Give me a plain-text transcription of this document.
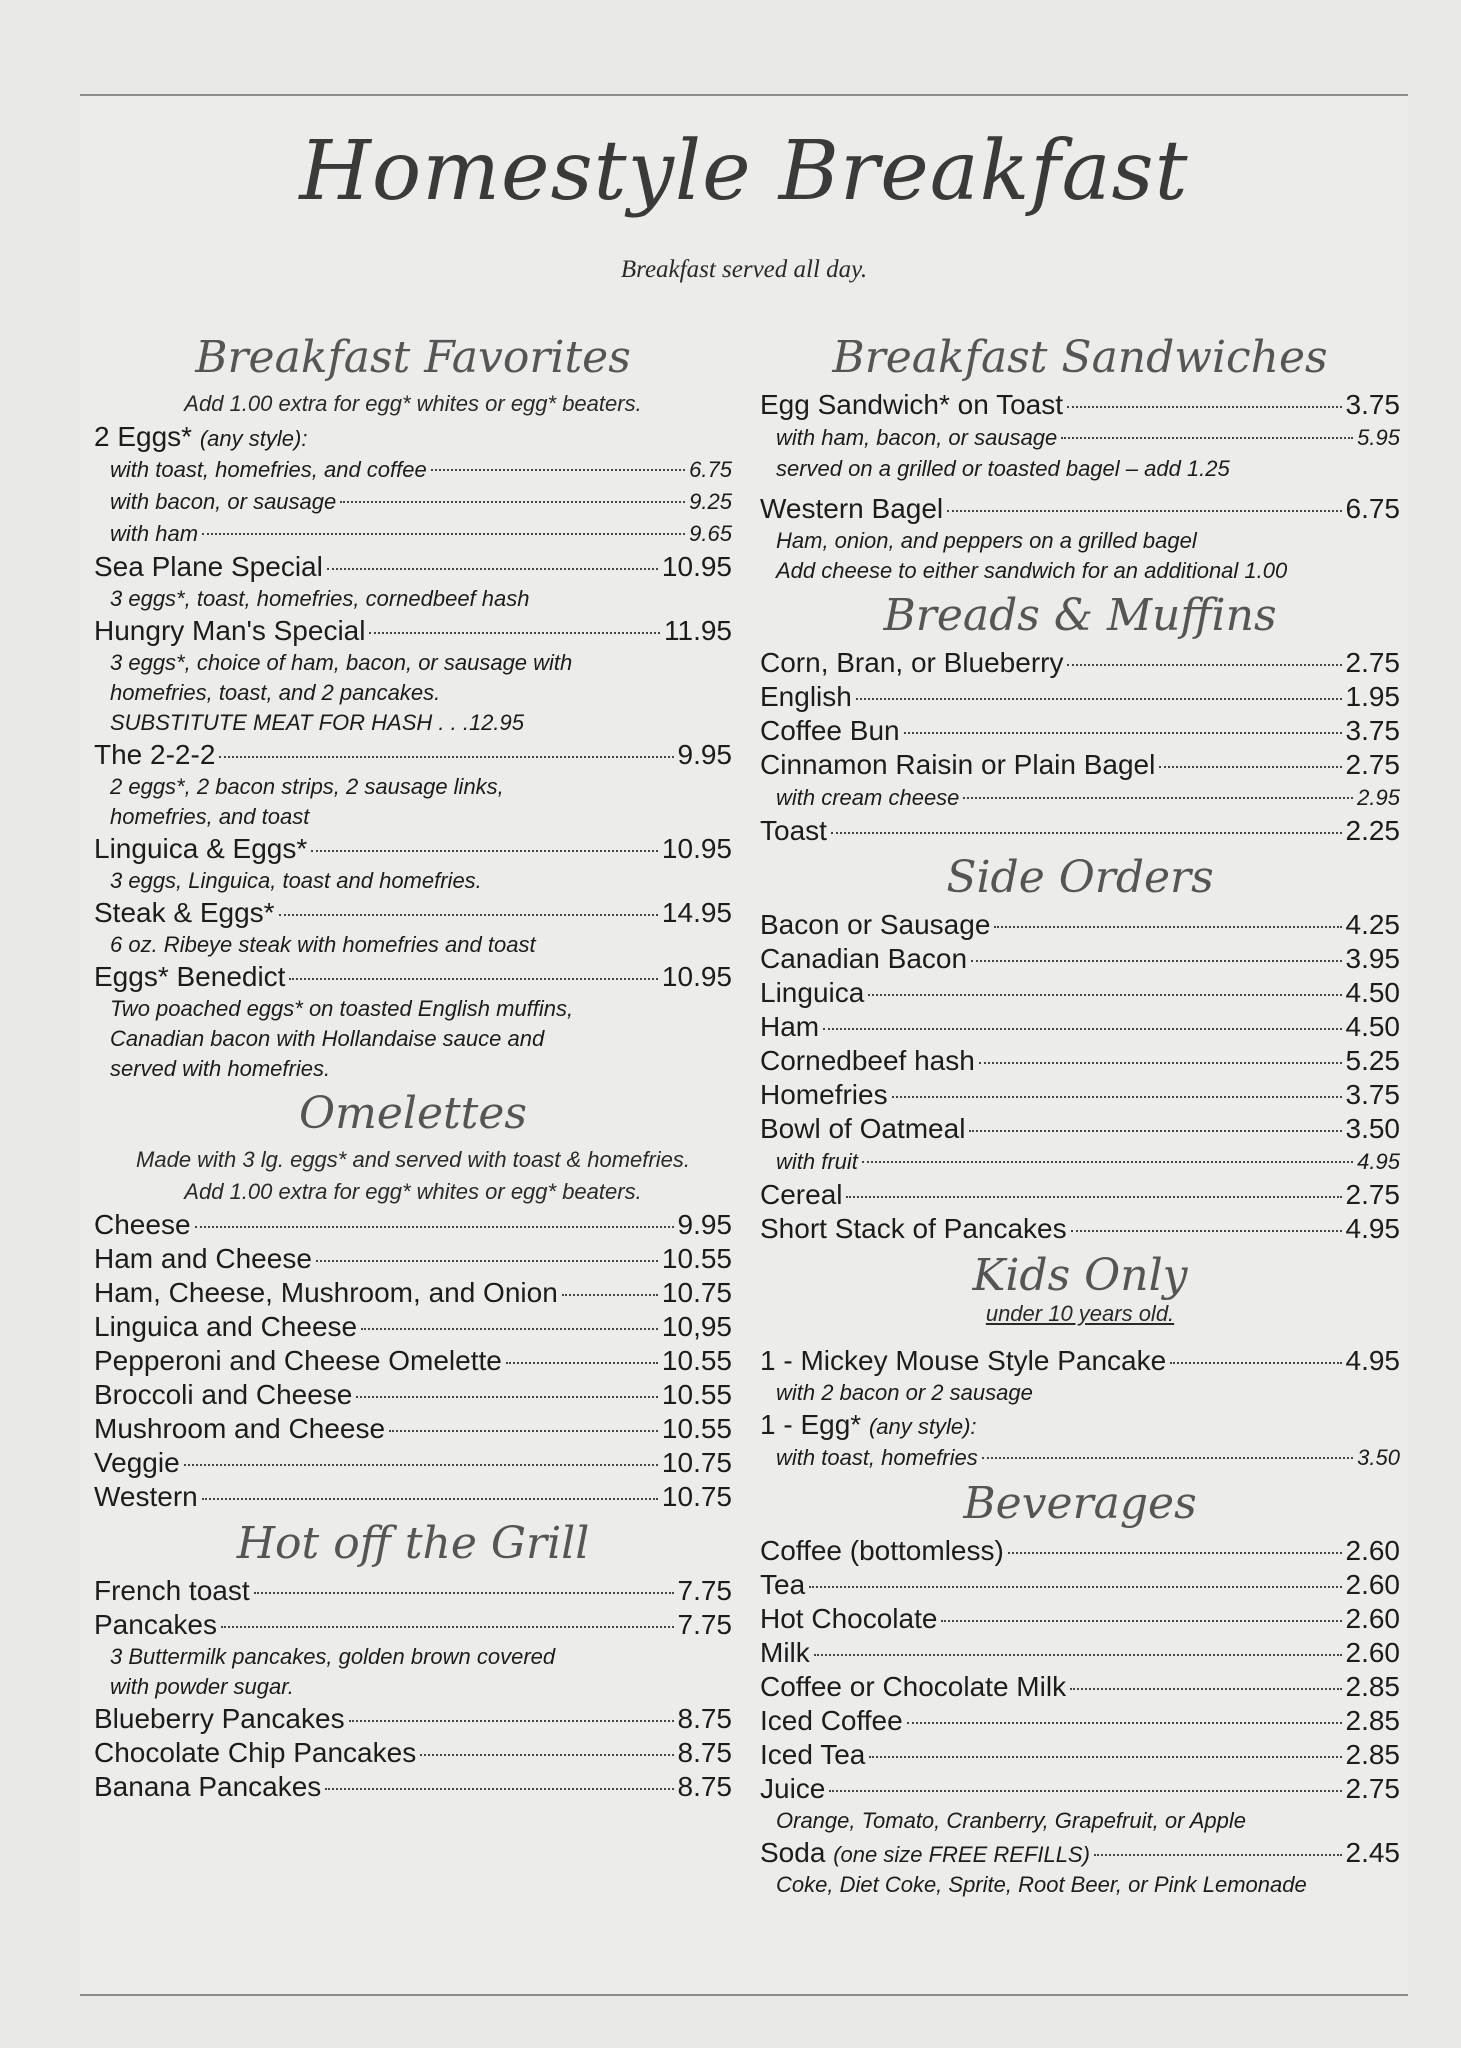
Homestyle Breakfast
Breakfast served all day.
Breakfast Favorites
Add 1.00 extra for egg* whites or egg* beaters.
2 Eggs* (any style):
with toast, homefries, and coffee	6.75
with bacon, or sausage	9.25
with ham	9.65
Sea Plane Special	10.95
3 eggs*, toast, homefries, cornedbeef hash
Hungry Man's Special	11.95
3 eggs*, choice of ham, bacon, or sausage with
homefries, toast, and 2 pancakes.
SUBSTITUTE MEAT FOR HASH . . .12.95
The 2-2-2	9.95
2 eggs*, 2 bacon strips, 2 sausage links,
homefries, and toast
Linguica & Eggs*	10.95
3 eggs, Linguica, toast and homefries.
Steak & Eggs*	14.95
6 oz. Ribeye steak with homefries and toast
Eggs* Benedict	10.95
Two poached eggs* on toasted English muffins,
Canadian bacon with Hollandaise sauce and
served with homefries.
Omelettes
Made with 3 lg. eggs* and served with toast & homefries.
Add 1.00 extra for egg* whites or egg* beaters.
Cheese	9.95
Ham and Cheese	10.55
Ham, Cheese, Mushroom, and Onion	10.75
Linguica and Cheese	10,95
Pepperoni and Cheese Omelette	10.55
Broccoli and Cheese	10.55
Mushroom and Cheese	10.55
Veggie	10.75
Western	10.75
Hot off the Grill
French toast	7.75
Pancakes	7.75
3 Buttermilk pancakes, golden brown covered
with powder sugar.
Blueberry Pancakes	8.75
Chocolate Chip Pancakes	8.75
Banana Pancakes	8.75
Breakfast Sandwiches
Egg Sandwich* on Toast	3.75
with ham, bacon, or sausage	5.95
served on a grilled or toasted bagel – add 1.25
Western Bagel	6.75
Ham, onion, and peppers on a grilled bagel
Add cheese to either sandwich for an additional 1.00
Breads & Muffins
Corn, Bran, or Blueberry	2.75
English	1.95
Coffee Bun	3.75
Cinnamon Raisin or Plain Bagel	2.75
with cream cheese	2.95
Toast	2.25
Side Orders
Bacon or Sausage	4.25
Canadian Bacon	3.95
Linguica	4.50
Ham	4.50
Cornedbeef hash	5.25
Homefries	3.75
Bowl of Oatmeal	3.50
with fruit	4.95
Cereal	2.75
Short Stack of Pancakes	4.95
Kids Only
under 10 years old.
1 - Mickey Mouse Style Pancake	4.95
with 2 bacon or 2 sausage
1 - Egg* (any style):
with toast, homefries	3.50
Beverages
Coffee (bottomless)	2.60
Tea	2.60
Hot Chocolate	2.60
Milk	2.60
Coffee or Chocolate Milk	2.85
Iced Coffee	2.85
Iced Tea	2.85
Juice	2.75
Orange, Tomato, Cranberry, Grapefruit, or Apple
Soda (one size FREE REFILLS)	2.45
Coke, Diet Coke, Sprite, Root Beer, or Pink Lemonade
